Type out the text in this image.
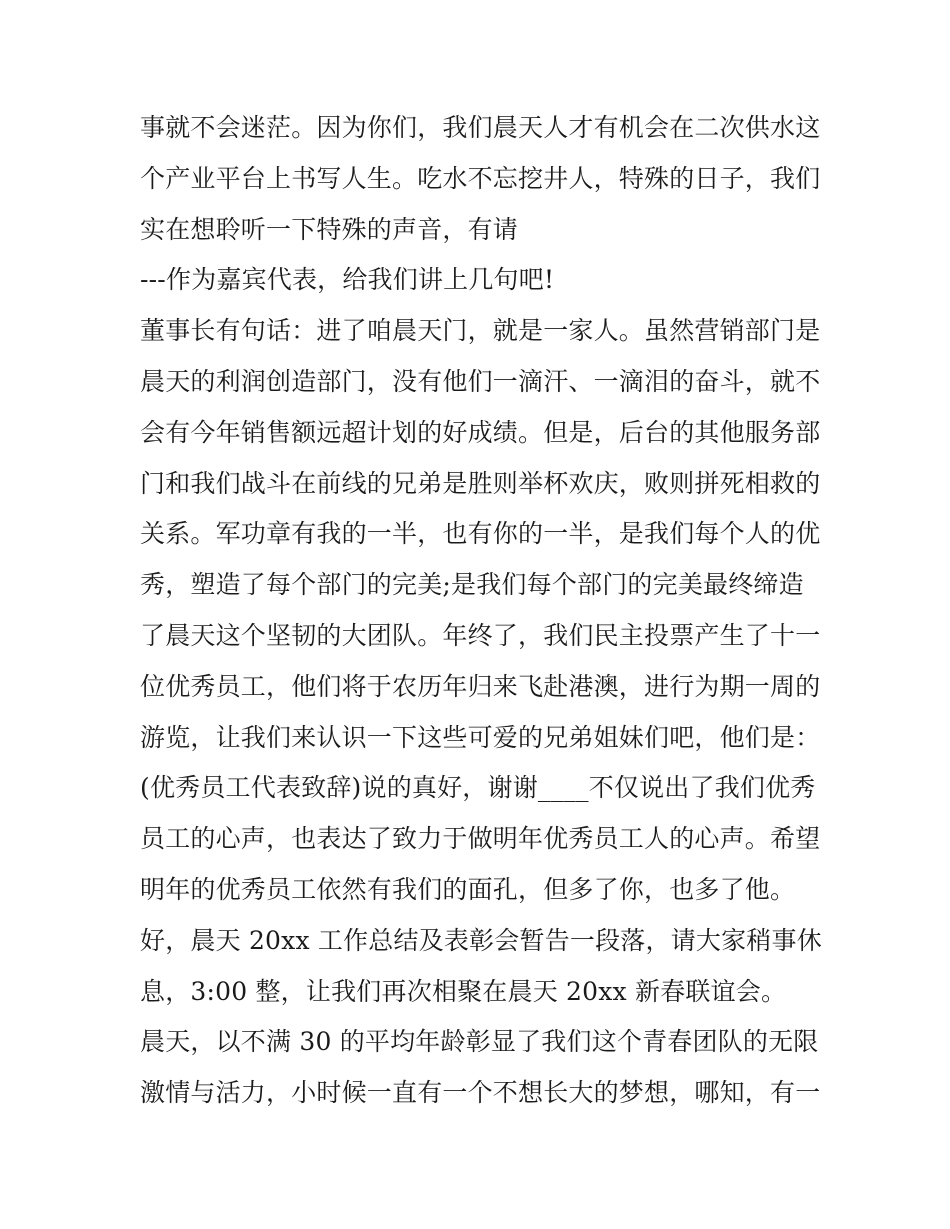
事就不会迷茫。因为你们，我们晨天人才有机会在二次供水这
个产业平台上书写人生。吃水不忘挖井人，特殊的日子，我们
实在想聆听一下特殊的声音，有请
---作为嘉宾代表，给我们讲上几句吧!
董事长有句话：进了咱晨天门，就是一家人。虽然营销部门是
晨天的利润创造部门，没有他们一滴汗、一滴泪的奋斗，就不
会有今年销售额远超计划的好成绩。但是，后台的其他服务部
门和我们战斗在前线的兄弟是胜则举杯欢庆，败则拼死相救的
关系。军功章有我的一半，也有你的一半，是我们每个人的优
秀，塑造了每个部门的完美;是我们每个部门的完美最终缔造
了晨天这个坚韧的大团队。年终了，我们民主投票产生了十一
位优秀员工，他们将于农历年归来飞赴港澳，进行为期一周的
游览，让我们来认识一下这些可爱的兄弟姐妹们吧，他们是：
(优秀员工代表致辞)说的真好，谢谢____不仅说出了我们优秀
员工的心声，也表达了致力于做明年优秀员工人的心声。希望
明年的优秀员工依然有我们的面孔，但多了你，也多了他。
好，晨天 20xx 工作总结及表彰会暂告一段落，请大家稍事休
息，3:00 整，让我们再次相聚在晨天 20xx 新春联谊会。
晨天，以不满 30 的平均年龄彰显了我们这个青春团队的无限
激情与活力，小时候一直有一个不想长大的梦想，哪知，有一
